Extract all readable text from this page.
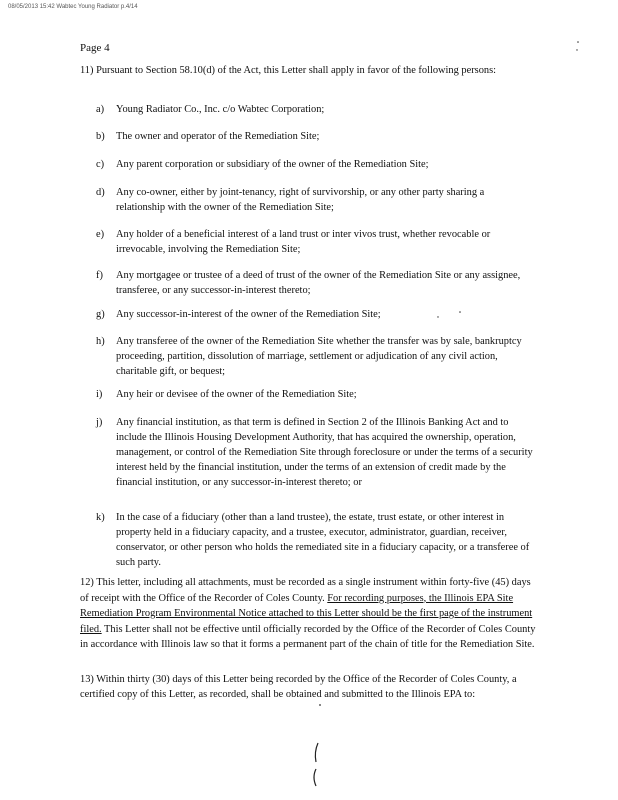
08/05/2013 15:42 Wabtec Young Radiator p.4/14
Page 4
11) Pursuant to Section 58.10(d) of the Act, this Letter shall apply in favor of the following persons:
a) Young Radiator Co., Inc. c/o Wabtec Corporation;
b) The owner and operator of the Remediation Site;
c) Any parent corporation or subsidiary of the owner of the Remediation Site;
d) Any co-owner, either by joint-tenancy, right of survivorship, or any other party sharing a relationship with the owner of the Remediation Site;
e) Any holder of a beneficial interest of a land trust or inter vivos trust, whether revocable or irrevocable, involving the Remediation Site;
f) Any mortgagee or trustee of a deed of trust of the owner of the Remediation Site or any assignee, transferee, or any successor-in-interest thereto;
g) Any successor-in-interest of the owner of the Remediation Site;
h) Any transferee of the owner of the Remediation Site whether the transfer was by sale, bankruptcy proceeding, partition, dissolution of marriage, settlement or adjudication of any civil action, charitable gift, or bequest;
i) Any heir or devisee of the owner of the Remediation Site;
j) Any financial institution, as that term is defined in Section 2 of the Illinois Banking Act and to include the Illinois Housing Development Authority, that has acquired the ownership, operation, management, or control of the Remediation Site through foreclosure or under the terms of a security interest held by the financial institution, under the terms of an extension of credit made by the financial institution, or any successor-in-interest thereto; or
k) In the case of a fiduciary (other than a land trustee), the estate, trust estate, or other interest in property held in a fiduciary capacity, and a trustee, executor, administrator, guardian, receiver, conservator, or other person who holds the remediated site in a fiduciary capacity, or a transferee of such party.
12) This letter, including all attachments, must be recorded as a single instrument within forty-five (45) days of receipt with the Office of the Recorder of Coles County. For recording purposes, the Illinois EPA Site Remediation Program Environmental Notice attached to this Letter should be the first page of the instrument filed. This Letter shall not be effective until officially recorded by the Office of the Recorder of Coles County in accordance with Illinois law so that it forms a permanent part of the chain of title for the Remediation Site.
13) Within thirty (30) days of this Letter being recorded by the Office of the Recorder of Coles County, a certified copy of this Letter, as recorded, shall be obtained and submitted to the Illinois EPA to:
